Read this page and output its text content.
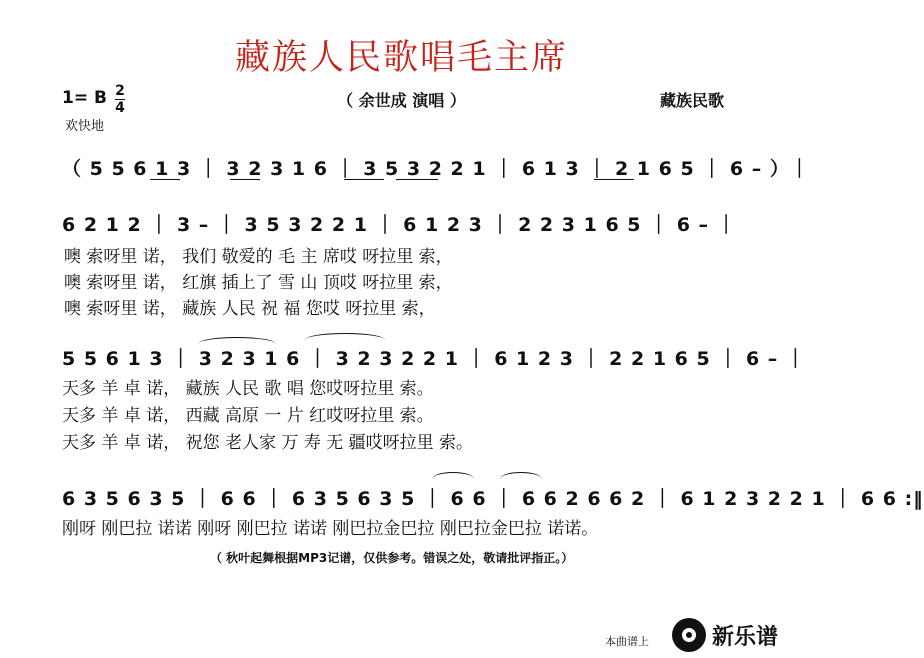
藏族人民歌唱毛主席
（ 余世成 演唱 ）
1= B 2
4
欢快地
藏族民歌
（ 5 5 6 1 3 ｜ 3 2 3 1 6 ｜ 3 5 3 2 2 1 ｜ 6 1 3 ｜ 2 1 6 5 ｜ 6 – ）｜
6 2 1 2 ｜ 3 – ｜ 3 5 3 2 2 1 ｜ 6 1 2 3 ｜ 2 2 3 1 6 5 ｜ 6 – ｜
噢 索呀里 诺， 我们 敬爱的 毛 主 席哎 呀拉里 索，
噢 索呀里 诺， 红旗 插上了 雪 山 顶哎 呀拉里 索，
噢 索呀里 诺， 藏族 人民 祝 福 您哎 呀拉里 索，
5 5 6 1 3 ｜ 3 2 3 1 6 ｜ 3 2 3 2 2 1 ｜ 6 1 2 3 ｜ 2 2 1 6 5 ｜ 6 – ｜
天多 羊 卓 诺， 藏族 人民 歌 唱 您哎呀拉里 索。
天多 羊 卓 诺， 西藏 高原 一 片 红哎呀拉里 索。
天多 羊 卓 诺， 祝您 老人家 万 寿 无 疆哎呀拉里 索。
6 3 5 6 3 5 ｜ 6 6 ｜ 6 3 5 6 3 5 ｜ 6 6 ｜ 6 6 2 6 6 2 ｜ 6 1 2 3 2 2 1 ｜ 6 6 :‖
刚呀 刚巴拉 诺诺 刚呀 刚巴拉 诺诺 刚巴拉金巴拉 刚巴拉金巴拉 诺诺。
（ 秋叶起舞根据MP3记谱，仅供参考。错误之处，敬请批评指正。）
本曲谱上	新乐谱
